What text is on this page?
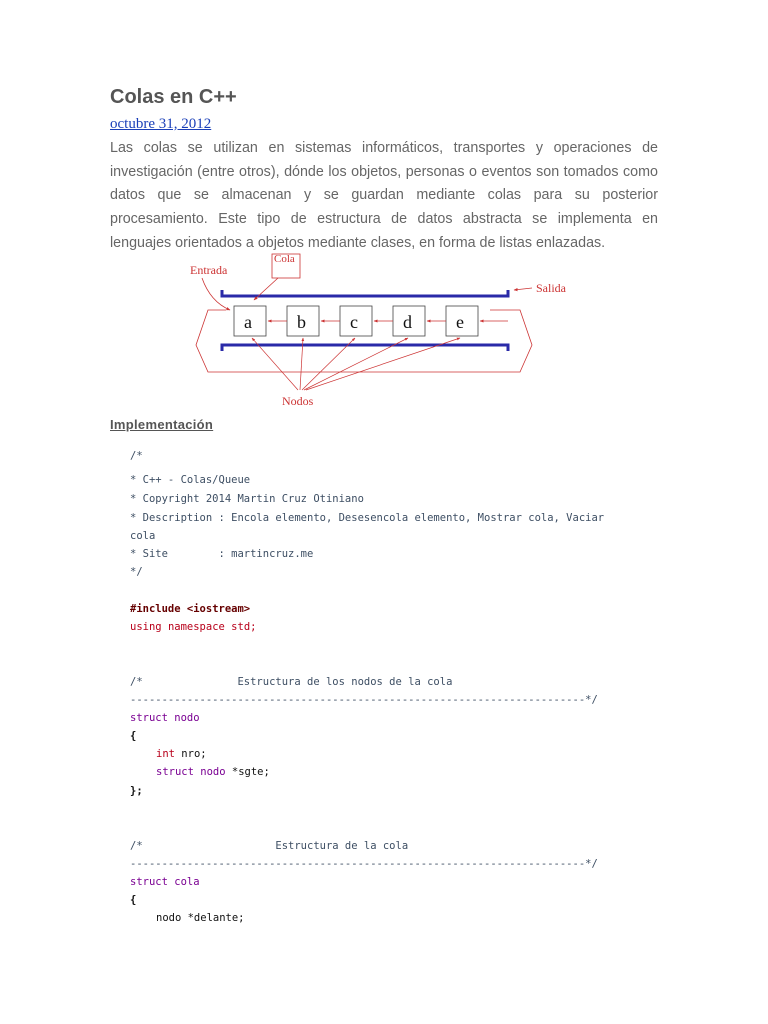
Colas en C++
octubre 31, 2012

Las colas se utilizan en sistemas informáticos, transportes y operaciones de investigación (entre otros), dónde los objetos, personas o eventos son tomados como datos que se almacenan y se guardan mediante colas para su posterior procesamiento. Este tipo de estructura de datos abstracta se implementa en lenguajes orientados a objetos mediante clases, en forma de listas enlazadas.

Cola
Entrada
Salida
a	b c	d e
Nodos
Implementación
/*
* C++ - Colas/Queue
* Copyright 2014 Martin Cruz Otiniano
* Description : Encola elemento, Desesencola elemento, Mostrar cola, Vaciar
cola
* Site        : martincruz.me
*/
#include <iostream>
using namespace std;
/*               Estructura de los nodos de la cola
------------------------------------------------------------------------*/
struct nodo
{
int nro;
struct nodo *sgte;
};
/*                     Estructura de la cola
------------------------------------------------------------------------*/
struct cola
{
nodo *delante;
